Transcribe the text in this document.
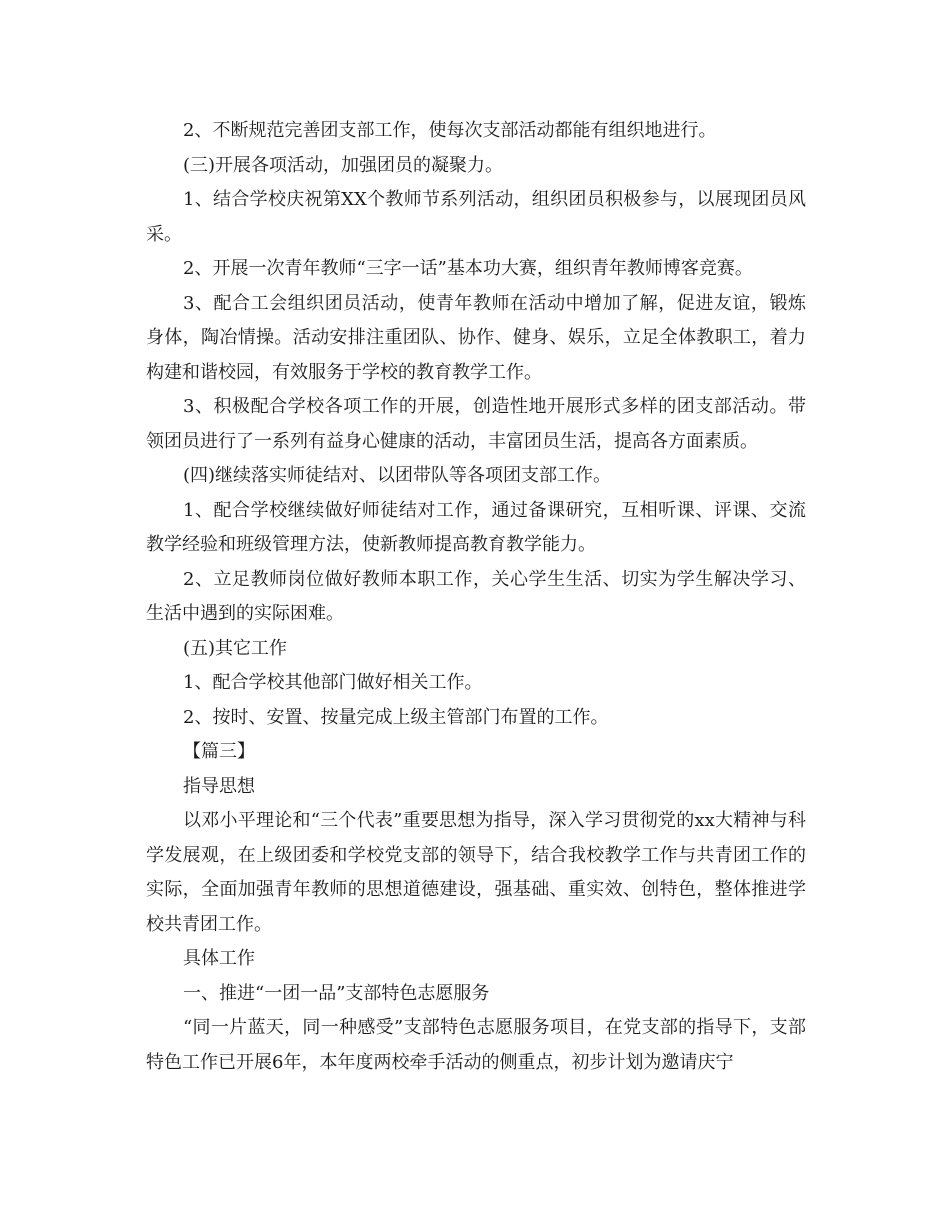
2、不断规范完善团支部工作，使每次支部活动都能有组织地进行。

(三)开展各项活动，加强团员的凝聚力。

1、结合学校庆祝第XX个教师节系列活动，组织团员积极参与，以展现团员风采。

2、开展一次青年教师“三字一话”基本功大赛，组织青年教师博客竞赛。

3、配合工会组织团员活动，使青年教师在活动中增加了解，促进友谊，锻炼身体，陶冶情操。活动安排注重团队、协作、健身、娱乐，立足全体教职工，着力构建和谐校园，有效服务于学校的教育教学工作。

3、积极配合学校各项工作的开展，创造性地开展形式多样的团支部活动。带领团员进行了一系列有益身心健康的活动，丰富团员生活，提高各方面素质。

(四)继续落实师徒结对、以团带队等各项团支部工作。

1、配合学校继续做好师徒结对工作，通过备课研究，互相听课、评课、交流教学经验和班级管理方法，使新教师提高教育教学能力。

2、立足教师岗位做好教师本职工作，关心学生生活、切实为学生解决学习、生活中遇到的实际困难。

(五)其它工作

1、配合学校其他部门做好相关工作。

2、按时、安置、按量完成上级主管部门布置的工作。

【篇三】

指导思想

以邓小平理论和“三个代表”重要思想为指导，深入学习贯彻党的xx大精神与科学发展观，在上级团委和学校党支部的领导下，结合我校教学工作与共青团工作的实际，全面加强青年教师的思想道德建设，强基础、重实效、创特色，整体推进学校共青团工作。

具体工作

一、推进“一团一品”支部特色志愿服务

“同一片蓝天，同一种感受”支部特色志愿服务项目，在党支部的指导下，支部特色工作已开展6年，本年度两校牵手活动的侧重点，初步计划为邀请庆宁
